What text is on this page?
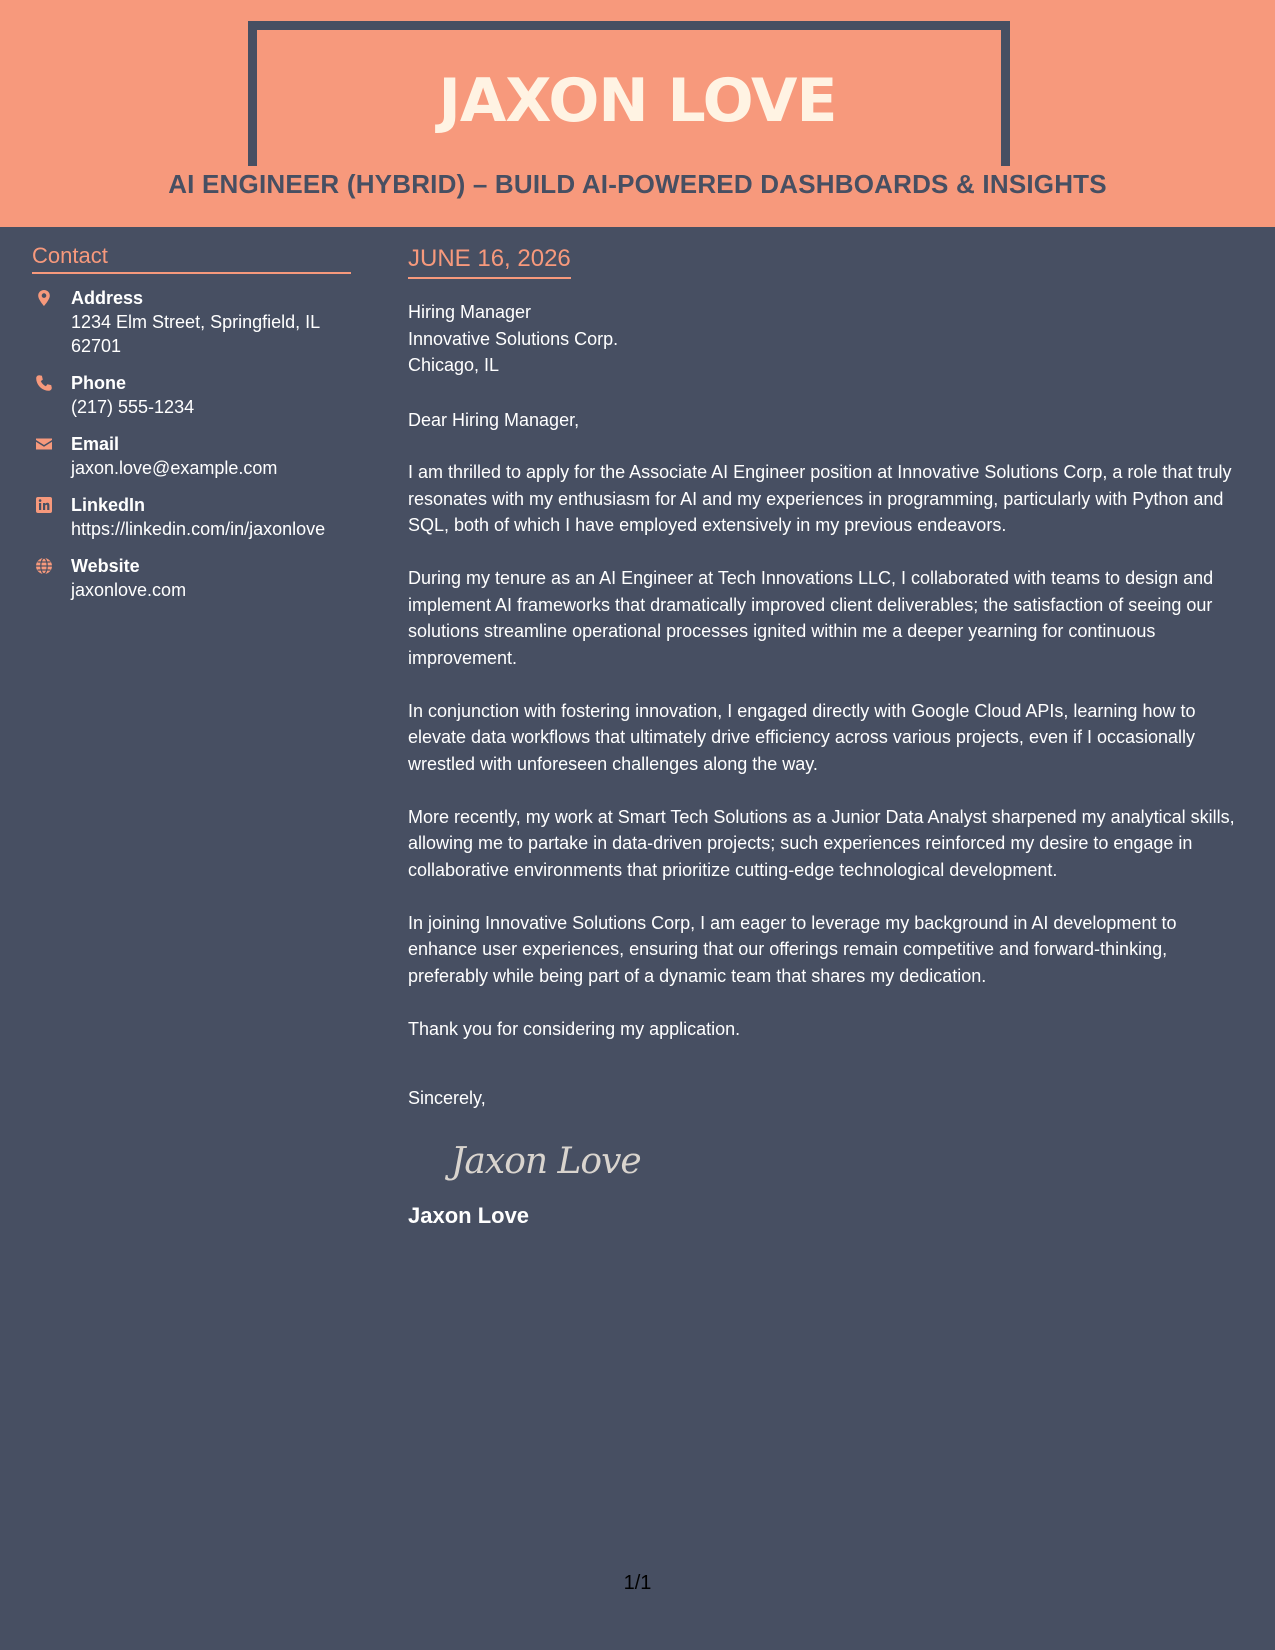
JAXON LOVE
AI ENGINEER (HYBRID) – BUILD AI-POWERED DASHBOARDS & INSIGHTS
Contact
Address
1234 Elm Street, Springfield, IL 62701
Phone
(217) 555-1234
Email
jaxon.love@example.com
LinkedIn
https://linkedin.com/in/jaxonlove
Website
jaxonlove.com
JUNE 16, 2026

Hiring Manager

Innovative Solutions Corp.

Chicago, IL

Dear Hiring Manager,

I am thrilled to apply for the Associate AI Engineer position at Innovative Solutions Corp, a role that truly resonates with my enthusiasm for AI and my experiences in programming, particularly with Python and SQL, both of which I have employed extensively in my previous endeavors.

During my tenure as an AI Engineer at Tech Innovations LLC, I collaborated with teams to design and implement AI frameworks that dramatically improved client deliverables; the satisfaction of seeing our solutions streamline operational processes ignited within me a deeper yearning for continuous improvement.

In conjunction with fostering innovation, I engaged directly with Google Cloud APIs, learning how to elevate data workflows that ultimately drive efficiency across various projects, even if I occasionally wrestled with unforeseen challenges along the way.

More recently, my work at Smart Tech Solutions as a Junior Data Analyst sharpened my analytical skills, allowing me to partake in data-driven projects; such experiences reinforced my desire to engage in collaborative environments that prioritize cutting-edge technological development.

In joining Innovative Solutions Corp, I am eager to leverage my background in AI development to enhance user experiences, ensuring that our offerings remain competitive and forward-thinking, preferably while being part of a dynamic team that shares my dedication.

Thank you for considering my application.

Sincerely,

Jaxon Love
Jaxon Love
1/1
